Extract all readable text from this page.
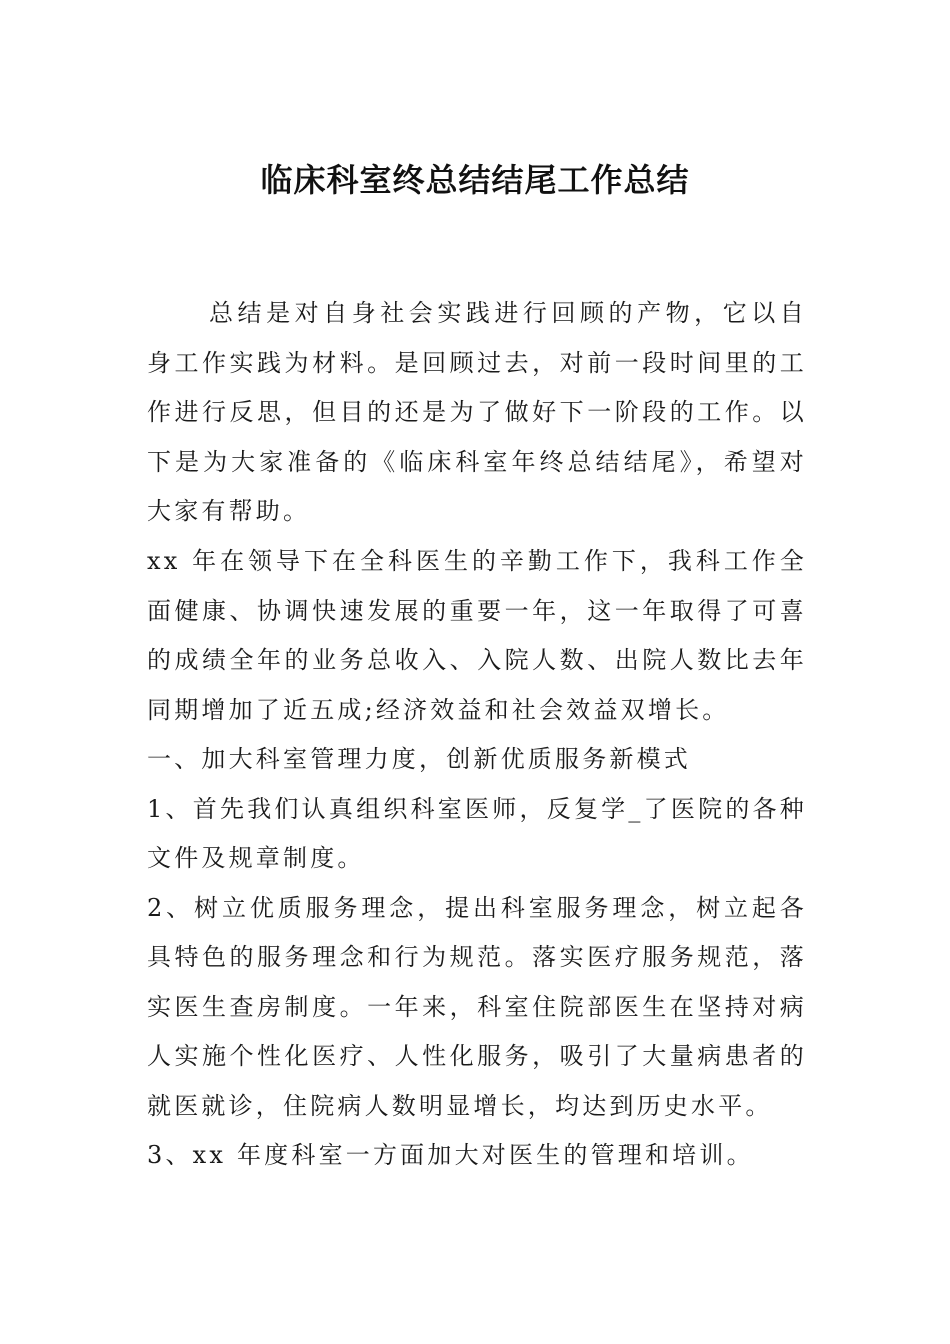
临床科室终总结结尾工作总结
总结是对自身社会实践进行回顾的产物，它以自身工作实践为材料。是回顾过去，对前一段时间里的工作进行反思，但目的还是为了做好下一阶段的工作。以下是为大家准备的《临床科室年终总结结尾》，希望对大家有帮助。

xx 年在领导下在全科医生的辛勤工作下，我科工作全面健康、协调快速发展的重要一年，这一年取得了可喜的成绩全年的业务总收入、入院人数、出院人数比去年同期增加了近五成;经济效益和社会效益双增长。

一、加大科室管理力度，创新优质服务新模式

1、首先我们认真组织科室医师，反复学_了医院的各种文件及规章制度。

2、树立优质服务理念，提出科室服务理念，树立起各具特色的服务理念和行为规范。落实医疗服务规范，落实医生查房制度。一年来，科室住院部医生在坚持对病人实施个性化医疗、人性化服务，吸引了大量病患者的就医就诊，住院病人数明显增长，均达到历史水平。

3、xx 年度科室一方面加大对医生的管理和培训。
